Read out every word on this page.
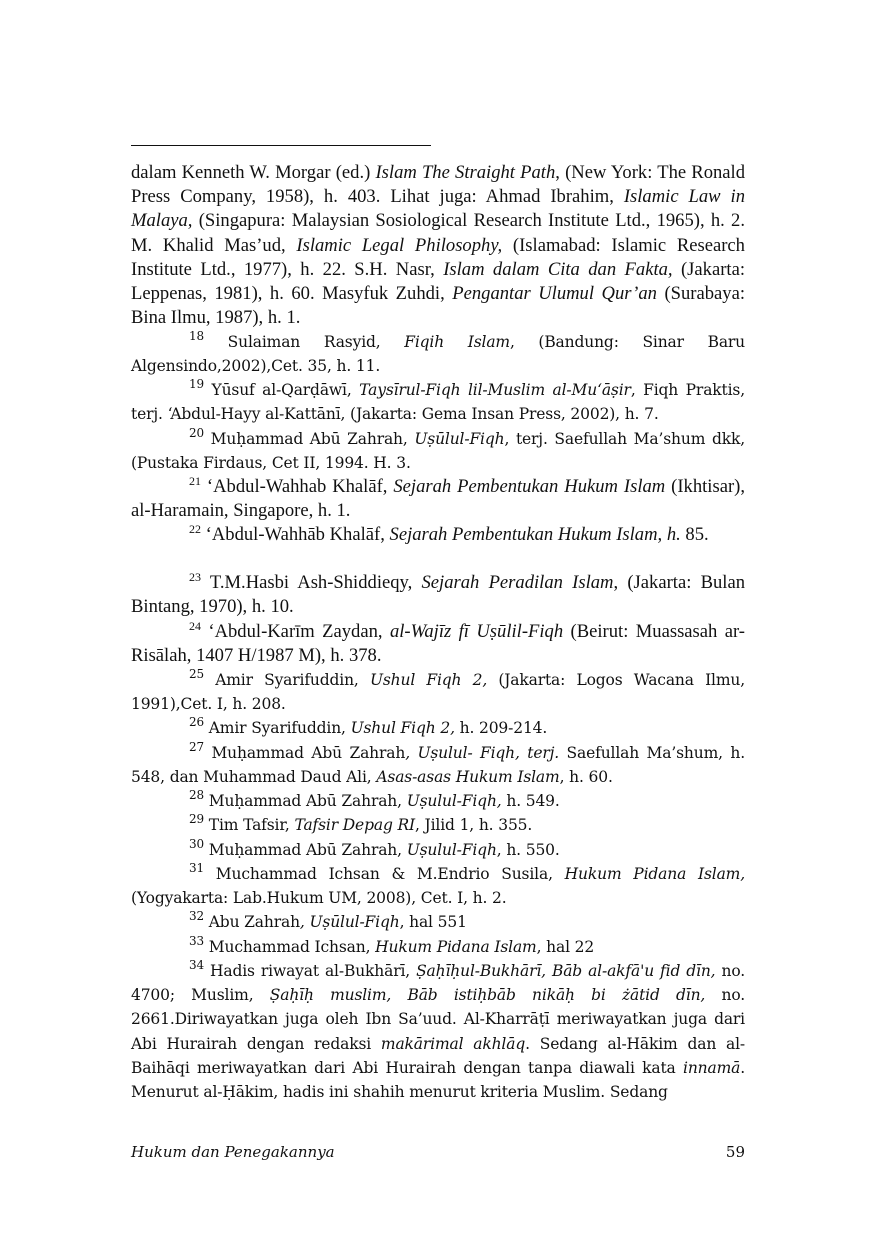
dalam Kenneth W. Morgar (ed.) Islam The Straight Path, (New York: The Ronald Press Company, 1958), h. 403. Lihat juga: Ahmad Ibrahim, Islamic Law in Malaya, (Singapura: Malaysian Sosiological Research Institute Ltd., 1965), h. 2. M. Khalid Mas’ud, Islamic Legal Philosophy, (Islamabad: Islamic Research Institute Ltd., 1977), h. 22. S.H. Nasr, Islam dalam Cita dan Fakta, (Jakarta: Leppenas, 1981), h. 60. Masyfuk Zuhdi, Pengantar Ulumul Qur’an (Surabaya: Bina Ilmu, 1987), h. 1.

$^{18}$ Sulaiman Rasyid, Fiqih Islam, (Bandung: Sinar Baru Algensindo,2002),Cet. 35, h. 11.

$^{19}$ Yūsuf al-Qarḍāwī, Taysīrul-Fiqh lil-Muslim al-Mu‘āṣir, Fiqh Praktis, terj. ‘Abdul-Hayy al-Kattānī, (Jakarta: Gema Insan Press, 2002), h. 7.

$^{20}$ Muḥammad Abū Zahrah, Uṣūlul-Fiqh, terj. Saefullah Ma’shum dkk, (Pustaka Firdaus, Cet II, 1994. H. 3.

$^{21}$ ‘Abdul-Wahhab Khalāf, Sejarah Pembentukan Hukum Islam (Ikhtisar), al-Haramain, Singapore, h. 1.

$^{22}$ ‘Abdul-Wahhāb Khalāf, Sejarah Pembentukan Hukum Islam, h. 85.

$^{23}$ T.M.Hasbi Ash-Shiddieqy, Sejarah Peradilan Islam, (Jakarta: Bulan Bintang, 1970), h. 10.

$^{24}$ ‘Abdul-Karīm Zaydan, al-Wajīz fī Uṣūlil-Fiqh (Beirut: Muassasah ar-Risālah, 1407 H/1987 M), h. 378.

$^{25}$ Amir Syarifuddin, Ushul Fiqh 2, (Jakarta: Logos Wacana Ilmu, 1991),Cet. I, h. 208.

$^{26}$ Amir Syarifuddin, Ushul Fiqh 2, h. 209-214.

$^{27}$ Muḥammad Abū Zahrah, Uṣulul- Fiqh, terj. Saefullah Ma’shum, h. 548, dan Muhammad Daud Ali, Asas-asas Hukum Islam, h. 60.

$^{28}$ Muḥammad Abū Zahrah, Uṣulul-Fiqh, h. 549.

$^{29}$ Tim Tafsir, Tafsir Depag RI, Jilid 1, h. 355.

$^{30}$ Muḥammad Abū Zahrah, Uṣulul-Fiqh, h. 550.

$^{31}$ Muchammad Ichsan & M.Endrio Susila, Hukum Pidana Islam, (Yogyakarta: Lab.Hukum UM, 2008), Cet. I, h. 2.

$^{32}$ Abu Zahrah, Uṣūlul-Fiqh, hal 551

$^{33}$ Muchammad Ichsan, Hukum Pidana Islam, hal 22

$^{34}$ Hadis riwayat al-Bukhārī, Ṣaḥīḥul-Bukhārī, Bāb al-akfā'u fid dīn, no. 4700; Muslim, Ṣaḥīḥ muslim, Bāb istiḥbāb nikāḥ bi żātid dīn, no. 2661.Diriwayatkan juga oleh Ibn Sa’uud. Al-Kharrāṭī meriwayatkan juga dari Abi Hurairah dengan redaksi makārimal akhlāq. Sedang al-Hākim dan al-Baihāqi meriwayatkan dari Abi Hurairah dengan tanpa diawali kata innamā. Menurut al-Ḥākim, hadis ini shahih menurut kriteria Muslim. Sedang

Hukum dan Penegakannya	59
